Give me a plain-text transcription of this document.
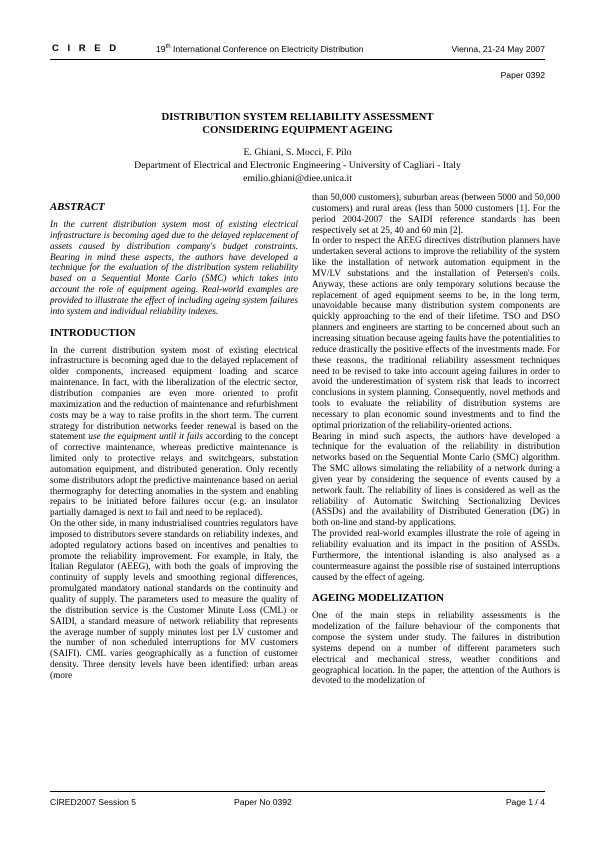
C I R E D	19th International Conference on Electricity Distribution	Vienna, 21-24 May 2007
Paper 0392
DISTRIBUTION SYSTEM RELIABILITY ASSESSMENT
CONSIDERING EQUIPMENT AGEING
E. Ghiani, S. Mocci, F. Pilo
Department of Electrical and Electronic Engineering - University of Cagliari - Italy
emilio.ghiani@diee.unica.it
ABSTRACT

In the current distribution system most of existing electrical infrastructure is becoming aged due to the delayed replacement of assets caused by distribution company's budget constraints. Bearing in mind these aspects, the authors have developed a technique for the evaluation of the distribution system reliability based on a Sequential Monte Carlo (SMC) which takes into account the role of equipment ageing. Real-world examples are provided to illustrate the effect of including ageing system failures into system and individual reliability indexes.

INTRODUCTION

In the current distribution system most of existing electrical infrastructure is becoming aged due to the delayed replacement of older components, increased equipment loading and scarce maintenance. In fact, with the liberalization of the electric sector, distribution companies are even more oriented to profit maximization and the reduction of maintenance and refurbishment costs may be a way to raise profits in the short term. The current strategy for distribution networks feeder renewal is based on the statement use the equipment until it fails according to the concept of corrective maintenance, whereas predictive maintenance is limited only to protective relays and switchgears, substation automation equipment, and distributed generation. Only recently some distributors adopt the predictive maintenance based on aerial thermography for detecting anomalies in the system and enabling repairs to be initiated before failures occur (e.g. an insulator partially damaged is next to fail and need to be replaced).

On the other side, in many industrialised countries regulators have imposed to distributors severe standards on reliability indexes, and adopted regulatory actions based on incentives and penalties to promote the reliability improvement. For example, in Italy, the Italian Regulator (AEEG), with both the goals of improving the continuity of supply levels and smoothing regional differences, promulgated mandatory national standards on the continuity and quality of supply. The parameters used to measure the quality of the distribution service is the Customer Minute Loss (CML) or SAIDI, a standard measure of network reliability that represents the average number of supply minutes lost per LV customer and the number of non scheduled interruptions for MV customers (SAIFI). CML varies geographically as a function of customer density. Three density levels have been identified: urban areas (more

than 50,000 customers), suburban areas (between 5000 and 50,000 customers) and rural areas (less than 5000 customers [1]. For the period 2004-2007 the SAIDI reference standards has been respectively set at 25, 40 and 60 min [2].

In order to respect the AEEG directives distribution planners have undertaken several actions to improve the reliability of the system like the installation of network automation equipment in the MV/LV substations and the installation of Petersen's coils. Anyway, these actions are only temporary solutions because the replacement of aged equipment seems to be, in the long term, unavoidable because many distribution system components are quickly approaching to the end of their lifetime. TSO and DSO planners and engineers are starting to be concerned about such an increasing situation because ageing faults have the potentialities to reduce drastically the positive effects of the investments made. For these reasons, the traditional reliability assessment techniques need to be revised to take into account ageing failures in order to avoid the underestimation of system risk that leads to incorrect conclusions in system planning. Consequently, novel methods and tools to evaluate the reliability of distribution systems are necessary to plan economic sound investments and to find the optimal priorization of the reliability-oriented actions.

Bearing in mind such aspects, the authors have developed a technique for the evaluation of the reliability in distribution networks based on the Sequential Monte Carlo (SMC) algorithm. The SMC allows simulating the reliability of a network during a given year by considering the sequence of events caused by a network fault. The reliability of lines is considered as well as the reliability of Automatic Switching Sectionalizing Devices (ASSDs) and the availability of Distributed Generation (DG) in both on-line and stand-by applications.

The provided real-world examples illustrate the role of ageing in reliability evaluation and its impact in the position of ASSDs. Furthermore, the intentional islanding is also analysed as a countermeasure against the possible rise of sustained interruptions caused by the effect of ageing.

AGEING MODELIZATION

One of the main steps in reliability assessments is the modelization of the failure behaviour of the components that compose the system under study. The failures in distribution systems depend on a number of different parameters such electrical and mechanical stress, weather conditions and geographical location. In the paper, the attention of the Authors is devoted to the modelization of

CIRED2007 Session 5	Paper No 0392	Page 1 / 4
